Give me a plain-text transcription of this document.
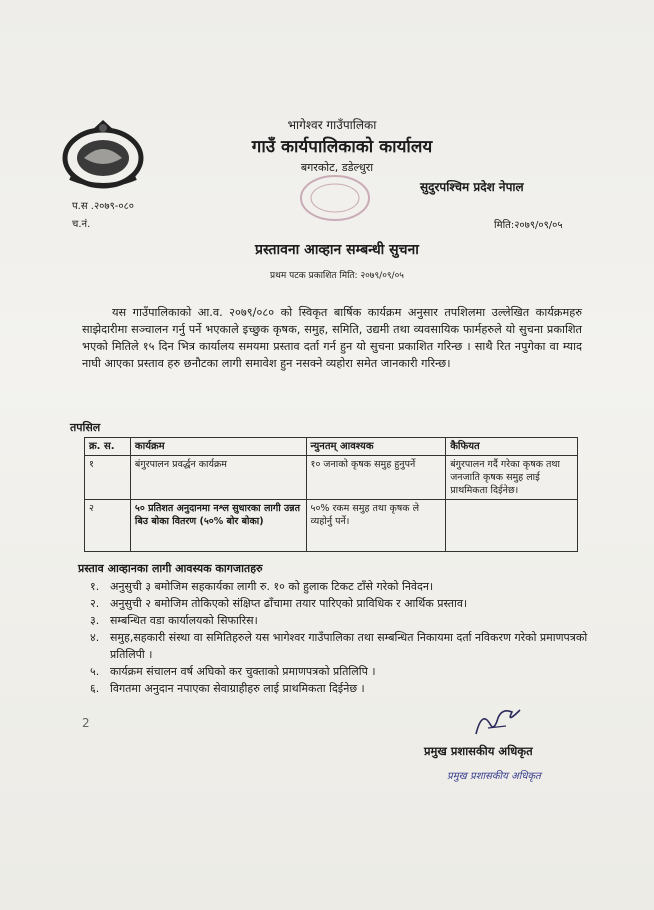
भागेश्वर गाउँपालिका
गाउँ कार्यपालिकाको कार्यालय
बगरकोट, डडेल्धुरा
सुदुरपश्चिम प्रदेश नेपाल
प.स .२०७९-०८०
च.नं.	मिति:२०७९/०९/०५
प्रस्तावना आव्हान सम्बन्धी सुचना
प्रथम पटक प्रकाशित मिति: २०७९/०९/०५
यस गाउँपालिकाको आ.व. २०७९/०८० को स्विकृत बार्षिक कार्यक्रम अनुसार तपशिलमा उल्लेखित कार्यक्रमहरु साझेदारीमा सञ्चालन गर्नु पर्ने भएकाले इच्छुक कृषक, समुह, समिति, उद्यमी तथा व्यवसायिक फार्महरुले यो सुचना प्रकाशित भएको मितिले १५ दिन भित्र कार्यालय समयमा प्रस्ताव दर्ता गर्न हुन यो सुचना प्रकाशित गरिन्छ । साथै रित नपुगेका वा म्याद नाघी आएका प्रस्ताव हरु छनौटका लागी समावेश हुन नसक्ने व्यहोरा समेत जानकारी गरिन्छ।
तपसिल
क्र. स.	कार्यक्रम	न्युनतम् आवश्यक	कैफियत
१	बंगुरपालन प्रवर्द्धन कार्यक्रम	१० जनाको कृषक समुह हुनुपर्ने	बंगुरपालन गर्दै गरेका कृषक तथा जनजाति कृषक समुह लाई प्राथमिकता दिईनेछ।
२	५० प्रतिशत अनुदानमा नश्ल सुधारका लागी उन्नत बिउ बोका वितरण (५०% बोर बोका)	५०% रकम समुह तथा कृषक ले व्यहोर्नु पर्ने।	
प्रस्ताव आव्हानका लागी आवस्यक कागजातहरु
१. अनुसुची ३ बमोजिम सहकार्यका लागी रु. १० को हुलाक टिकट टाँसे गरेको निवेदन।
२. अनुसुची २ बमोजिम तोकिएको संक्षिप्त ढाँचामा तयार पारिएको प्राविधिक र आर्थिक प्रस्ताव।
३. सम्बन्धित वडा कार्यालयको सिफारिस।
४. समुह,सहकारी संस्था वा समितिहरुले यस भागेश्वर गाउँपालिका तथा सम्बन्धित निकायमा दर्ता नविकरण गरेको प्रमाणपत्रको प्रतिलिपी ।
५. कार्यक्रम संचालन वर्ष अघिको कर चुक्ताको प्रमाणपत्रको प्रतिलिपि ।
६. विगतमा अनुदान नपाएका सेवाग्राहीहरु लाई प्राथमिकता दिईनेछ ।
2
प्रमुख प्रशासकीय अधिकृत
प्रमुख प्रशासकीय अधिकृत
